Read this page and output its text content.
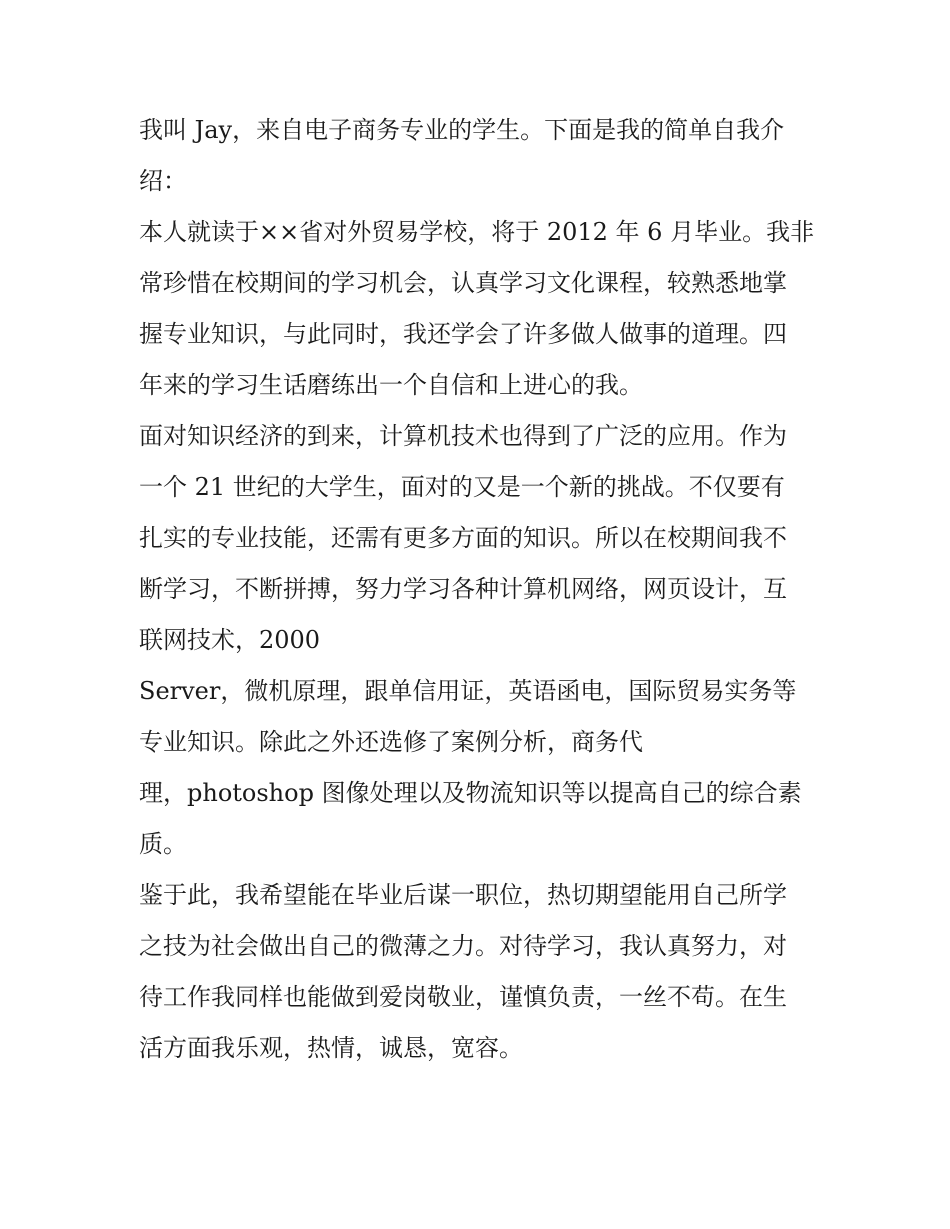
我叫 Jay，来自电子商务专业的学生。下面是我的简单自我介
绍：

本人就读于××省对外贸易学校，将于 2012 年 6 月毕业。我非
常珍惜在校期间的学习机会，认真学习文化课程，较熟悉地掌
握专业知识，与此同时，我还学会了许多做人做事的道理。四
年来的学习生话磨练出一个自信和上进心的我。

面对知识经济的到来，计算机技术也得到了广泛的应用。作为
一个 21 世纪的大学生，面对的又是一个新的挑战。不仅要有
扎实的专业技能，还需有更多方面的知识。所以在校期间我不
断学习，不断拼搏，努力学习各种计算机网络，网页设计，互
联网技术，2000

Server，微机原理，跟单信用证，英语函电，国际贸易实务等
专业知识。除此之外还选修了案例分析，商务代

理，photoshop 图像处理以及物流知识等以提高自己的综合素
质。

鉴于此，我希望能在毕业后谋一职位，热切期望能用自己所学
之技为社会做出自己的微薄之力。对待学习，我认真努力，对
待工作我同样也能做到爱岗敬业，谨慎负责，一丝不苟。在生
活方面我乐观，热情，诚恳，宽容。
